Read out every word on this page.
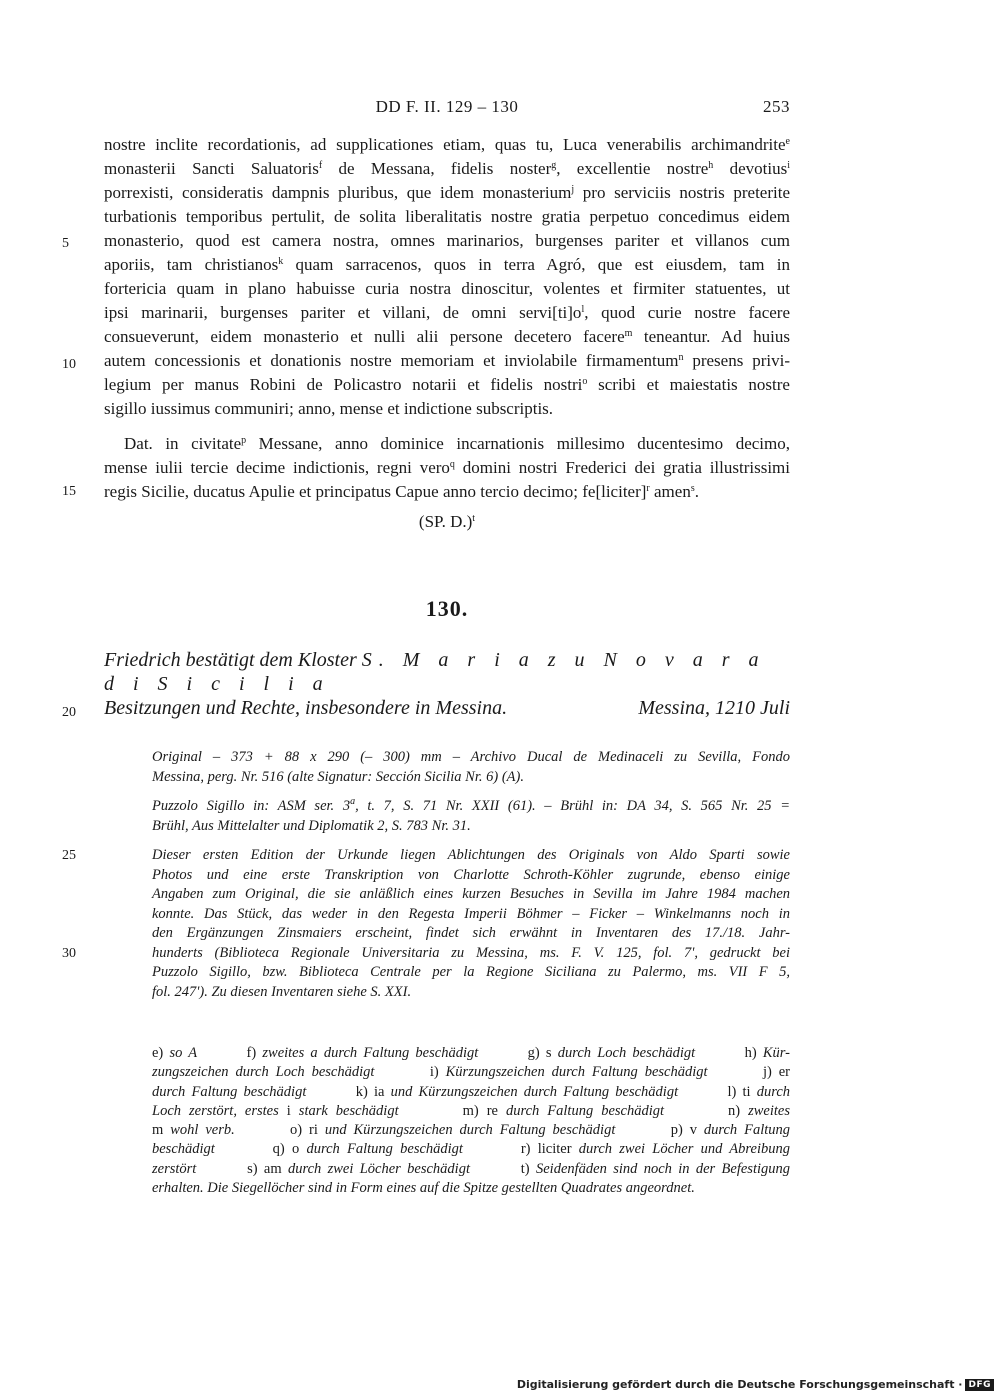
DD F. II. 129 – 130	253
nostre inclite recordationis, ad supplicationes etiam, quas tu, Luca venerabilis archimandrite$^e$
monasterii Sancti Saluatoris$^f$ de Messana, fidelis noster$^g$, excellentie nostre$^h$ devotius$^i$
porrexisti, consideratis dampnis pluribus, que idem monasterium$^j$ pro serviciis nostris preterite
turbationis temporibus pertulit, de solita liberalitatis nostre gratia perpetuo concedimus eidem
monasterio, quod est camera nostra, omnes marinarios, burgenses pariter et villanos cum
aporiis, tam christianos$^k$ quam sarracenos, quos in terra Agró, que est eiusdem, tam in
fortericia quam in plano habuisse curia nostra dinoscitur, volentes et firmiter statuentes, ut
ipsi marinarii, burgenses pariter et villani, de omni $servi[ti]o^l$, quod curie nostre facere
consueverunt, eidem monasterio et nulli alii persone decetero facere$^m$ teneantur. Ad huius
autem concessionis et donationis nostre memoriam et inviolabile firmamentum$^n$ presens privi-
legium per manus Robini de Policastro notarii et fidelis nostri$^o$ scribi et maiestatis nostre
sigillo iussimus communiri; anno, mense et indictione subscriptis.
Dat. in civitate$^p$ Messane, anno dominice incarnationis millesimo ducentesimo decimo,
mense iulii tercie decime indictionis, regni vero$^q$ domini nostri Frederici dei gratia illustrissimi
regis Sicilie, ducatus Apulie et principatus Capue anno tercio decimo; fe[liciter]$^r$ amen$^s$.
(SP. D.)$^t$
130.
Friedrich bestätigt dem Kloster S. M a r i a z u N o v a r a d i S i c i l i a
Besitzungen und Rechte, insbesondere in Messina.	Messina, 1210 Juli
Original – 373 + 88 x 290 (– 300) mm – Archivo Ducal de Medinaceli zu Sevilla, Fondo
Messina, perg. Nr. 516 (alte Signatur: Sección Sicilia Nr. 6) (A).
Puzzolo Sigillo in: ASM ser. 3$^a$, t. 7, S. 71 Nr. XXII (61). – Brühl in: DA 34, S. 565 Nr. 25 =
Brühl, Aus Mittelalter und Diplomatik 2, S. 783 Nr. 31.
Dieser ersten Edition der Urkunde liegen Ablichtungen des Originals von Aldo Sparti sowie
Photos und eine erste Transkription von Charlotte Schroth-Köhler zugrunde, ebenso einige
Angaben zum Original, die sie anläßlich eines kurzen Besuches in Sevilla im Jahre 1984 machen
konnte. Das Stück, das weder in den Regesta Imperii Böhmer – Ficker – Winkelmanns noch in
den Ergänzungen Zinsmaiers erscheint, findet sich erwähnt in Inventaren des 17./18. Jahr-
hunderts (Biblioteca Regionale Universitaria zu Messina, ms. F. V. 125, fol. 7', gedruckt bei
Puzzolo Sigillo, bzw. Biblioteca Centrale per la Regione Siciliana zu Palermo, ms. VII F 5,
fol. 247'). Zu diesen Inventaren siehe S. XXI.
e) so A        f) zweites a durch Faltung beschädigt        g) s durch Loch beschädigt        h) Kür-
zungszeichen durch Loch beschädigt        i) Kürzungszeichen durch Faltung beschädigt        j) er
durch Faltung beschädigt        k) ia und Kürzungszeichen durch Faltung beschädigt        l) ti durch
Loch zerstört, erstes i stark beschädigt        m) re durch Faltung beschädigt        n) zweites
m wohl verb.        o) ri und Kürzungszeichen durch Faltung beschädigt        p) v durch Faltung
beschädigt        q) o durch Faltung beschädigt        r) liciter durch zwei Löcher und Abreibung
zerstört        s) am durch zwei Löcher beschädigt        t) Seidenfäden sind noch in der Befestigung
erhalten. Die Siegellöcher sind in Form eines auf die Spitze gestellten Quadrates angeordnet.
5
10
15
20
25
30
Digitalisierung gefördert durch die Deutsche Forschungsgemeinschaft · DFG
